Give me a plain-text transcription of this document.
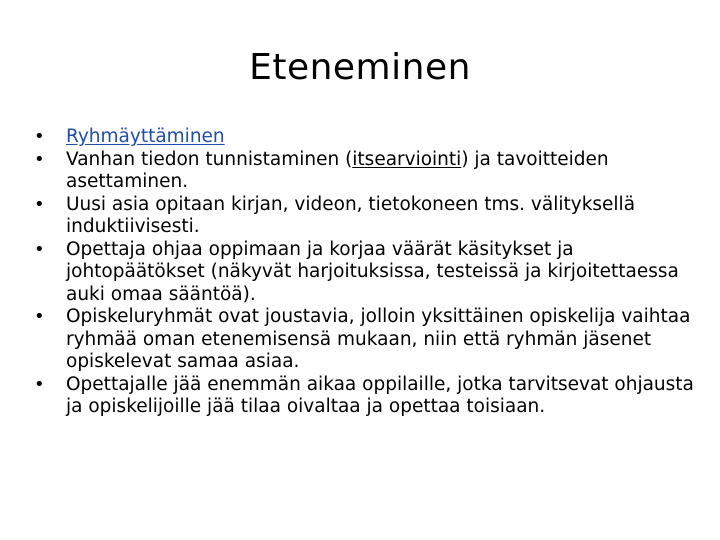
Eteneminen
•	Ryhmäyttäminen
•	Vanhan tiedon tunnistaminen (itsearviointi) ja tavoitteiden asettaminen.
•	Uusi asia opitaan kirjan, videon, tietokoneen tms. välityksellä induktiivisesti.
•	Opettaja ohjaa oppimaan ja korjaa väärät käsitykset ja johtopäätökset (näkyvät harjoituksissa, testeissä ja kirjoitettaessa auki omaa sääntöä).
•	Opiskeluryhmät ovat joustavia, jolloin yksittäinen opiskelija vaihtaa ryhmää oman etenemisensä mukaan, niin että ryhmän jäsenet opiskelevat samaa asiaa.
•	Opettajalle jää enemmän aikaa oppilaille, jotka tarvitsevat ohjausta ja opiskelijoille jää tilaa oivaltaa ja opettaa toisiaan.
